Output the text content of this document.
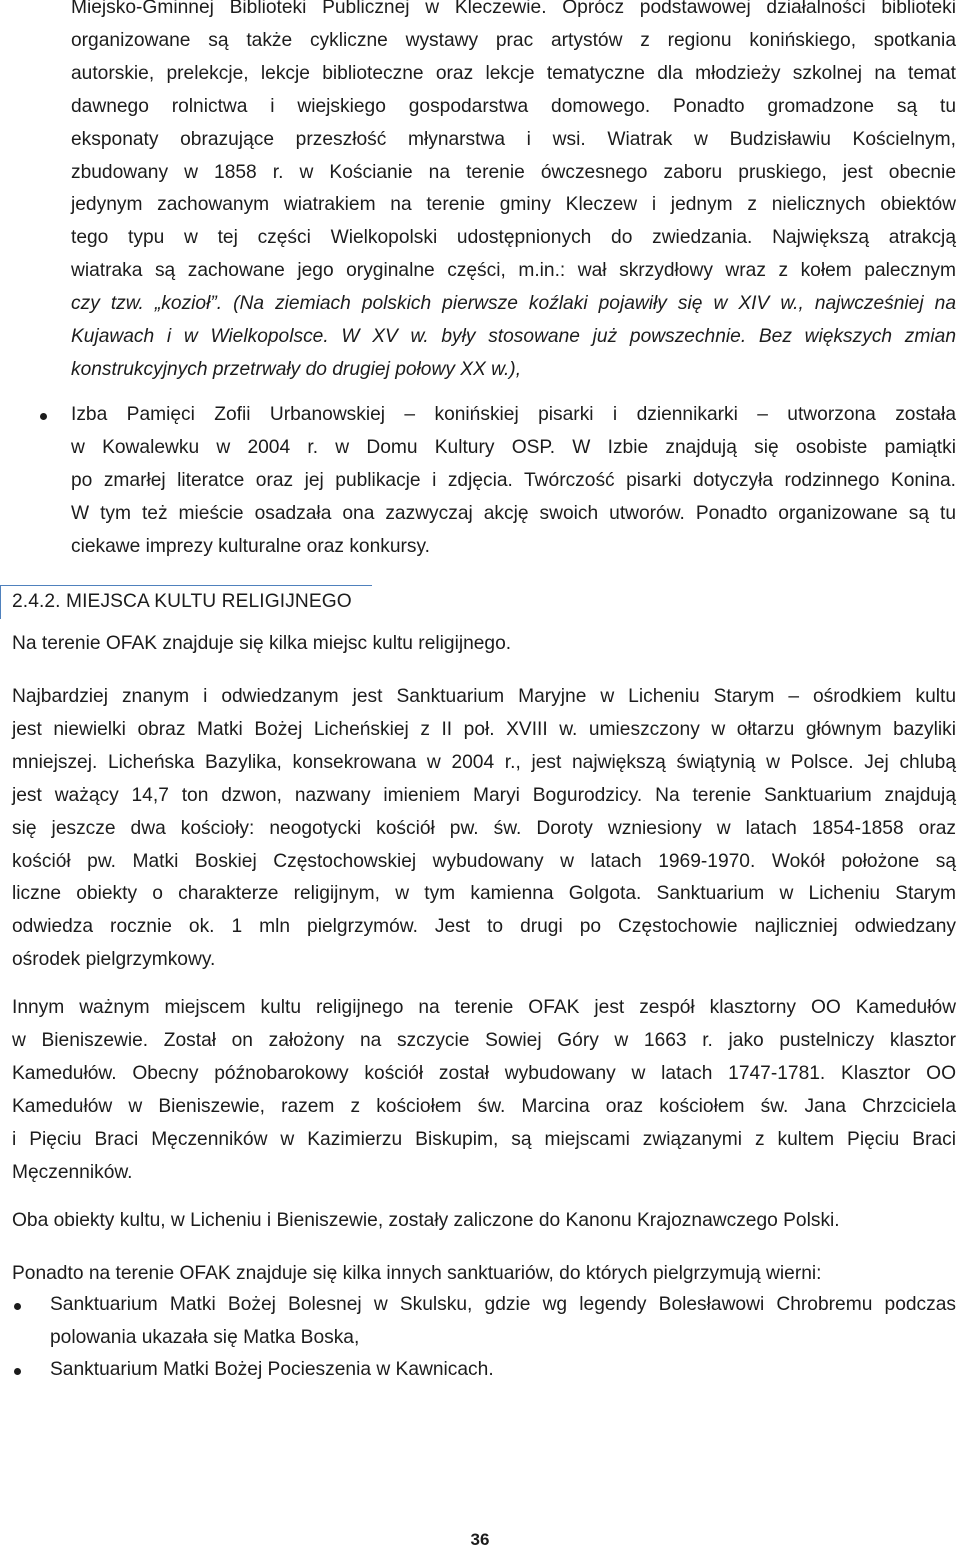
Miejsko-Gminnej Biblioteki Publicznej w Kleczewie. Oprócz podstawowej działalności biblioteki
organizowane są także cykliczne wystawy prac artystów z regionu konińskiego, spotkania
autorskie, prelekcje, lekcje biblioteczne oraz lekcje tematyczne dla młodzieży szkolnej na temat
dawnego rolnictwa i wiejskiego gospodarstwa domowego. Ponadto gromadzone są tu
eksponaty obrazujące przeszłość młynarstwa i wsi. Wiatrak w Budzisławiu Kościelnym,
zbudowany w 1858 r. w Kościanie na terenie ówczesnego zaboru pruskiego, jest obecnie
jedynym zachowanym wiatrakiem na terenie gminy Kleczew i jednym z nielicznych obiektów
tego typu w tej części Wielkopolski udostępnionych do zwiedzania. Największą atrakcją
wiatraka są zachowane jego oryginalne części, m.in.: wał skrzydłowy wraz z kołem palecznym
czy tzw. „kozioł”. (Na ziemiach polskich pierwsze koźlaki pojawiły się w XIV w., najwcześniej na
Kujawach i w Wielkopolsce. W XV w. były stosowane już powszechnie. Bez większych zmian
konstrukcyjnych przetrwały do drugiej połowy XX w.),
Izba Pamięci Zofii Urbanowskiej – konińskiej pisarki i dziennikarki – utworzona została
w Kowalewku w 2004 r. w Domu Kultury OSP. W Izbie znajdują się osobiste pamiątki
po zmarłej literatce oraz jej publikacje i zdjęcia. Twórczość pisarki dotyczyła rodzinnego Konina.
W tym też mieście osadzała ona zazwyczaj akcję swoich utworów. Ponadto organizowane są tu
ciekawe imprezy kulturalne oraz konkursy.
2.4.2. MIEJSCA KULTU RELIGIJNEGO
Na terenie OFAK znajduje się kilka miejsc kultu religijnego.
Najbardziej znanym i odwiedzanym jest Sanktuarium Maryjne w Licheniu Starym – ośrodkiem kultu
jest niewielki obraz Matki Bożej Licheńskiej z II poł. XVIII w. umieszczony w ołtarzu głównym bazyliki
mniejszej. Licheńska Bazylika, konsekrowana w 2004 r., jest największą świątynią w Polsce. Jej chlubą
jest ważący 14,7 ton dzwon, nazwany imieniem Maryi Bogurodzicy. Na terenie Sanktuarium znajdują
się jeszcze dwa kościoły: neogotycki kościół pw. św. Doroty wzniesiony w latach 1854-1858 oraz
kościół pw. Matki Boskiej Częstochowskiej wybudowany w latach 1969-1970. Wokół położone są
liczne obiekty o charakterze religijnym, w tym kamienna Golgota. Sanktuarium w Licheniu Starym
odwiedza rocznie ok. 1 mln pielgrzymów. Jest to drugi po Częstochowie najliczniej odwiedzany
ośrodek pielgrzymkowy.
Innym ważnym miejscem kultu religijnego na terenie OFAK jest zespół klasztorny OO Kamedułów
w Bieniszewie. Został on założony na szczycie Sowiej Góry w 1663 r. jako pustelniczy klasztor
Kamedułów. Obecny późnobarokowy kościół został wybudowany w latach 1747-1781. Klasztor OO
Kamedułów w Bieniszewie, razem z kościołem św. Marcina oraz kościołem św. Jana Chrzciciela
i Pięciu Braci Męczenników w Kazimierzu Biskupim, są miejscami związanymi z kultem Pięciu Braci
Męczenników.
Oba obiekty kultu, w Licheniu i Bieniszewie, zostały zaliczone do Kanonu Krajoznawczego Polski.
Ponadto na terenie OFAK znajduje się kilka innych sanktuariów, do których pielgrzymują wierni:
Sanktuarium Matki Bożej Bolesnej w Skulsku, gdzie wg legendy Bolesławowi Chrobremu podczas
polowania ukazała się Matka Boska,
Sanktuarium Matki Bożej Pocieszenia w Kawnicach.
36
